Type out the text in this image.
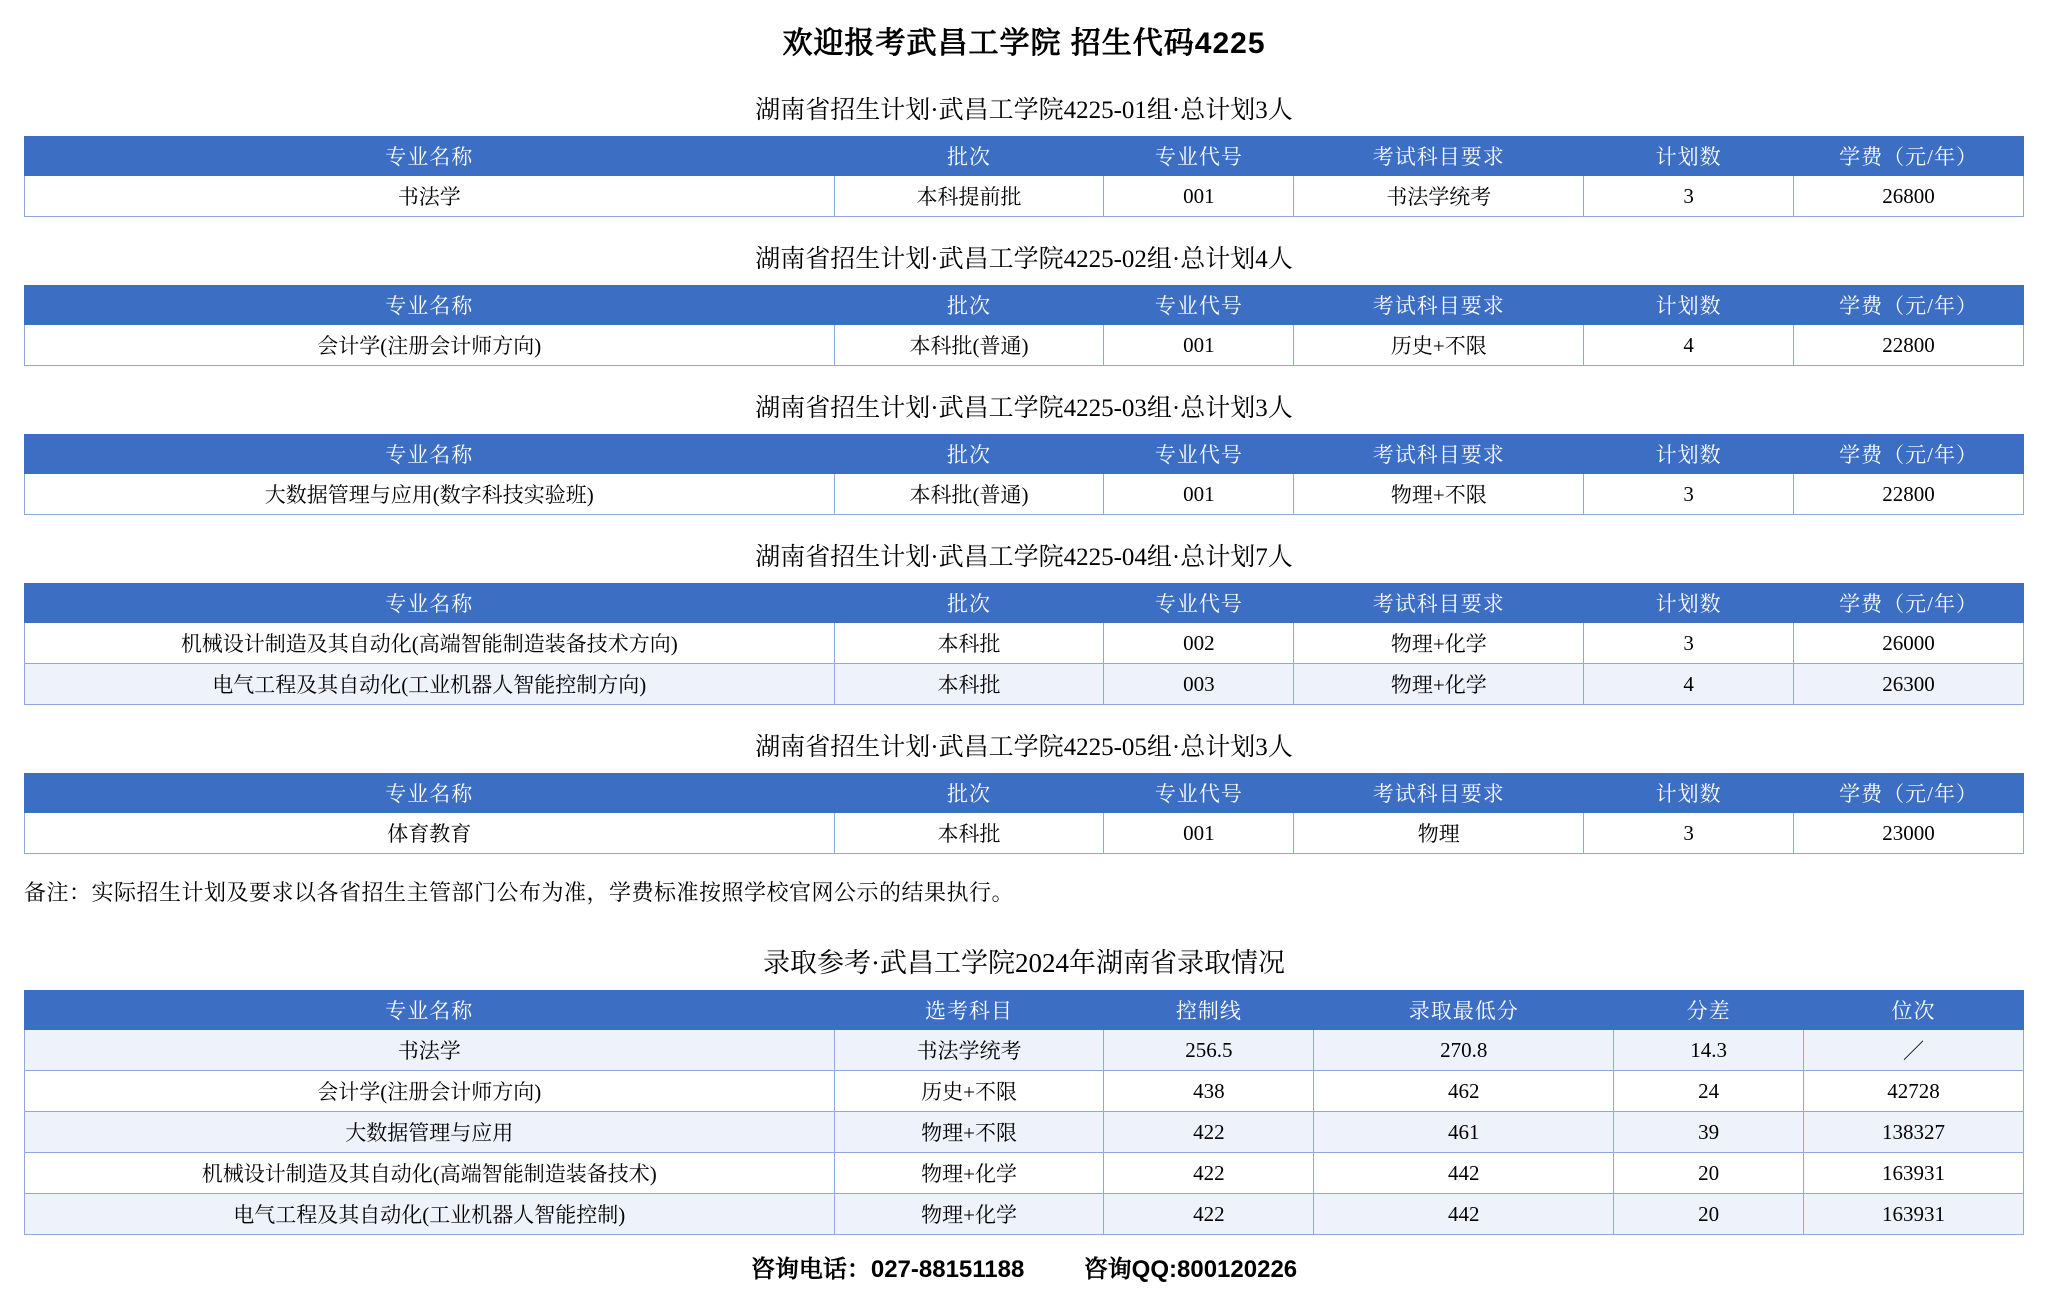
欢迎报考武昌工学院 招生代码4225
湖南省招生计划·武昌工学院4225-01组·总计划3人
专业名称	批次	专业代号	考试科目要求	计划数	学费（元/年）
书法学	本科提前批	001	书法学统考	3	26800
湖南省招生计划·武昌工学院4225-02组·总计划4人
专业名称	批次	专业代号	考试科目要求	计划数	学费（元/年）
会计学(注册会计师方向)	本科批(普通)	001	历史+不限	4	22800
湖南省招生计划·武昌工学院4225-03组·总计划3人
专业名称	批次	专业代号	考试科目要求	计划数	学费（元/年）
大数据管理与应用(数字科技实验班)	本科批(普通)	001	物理+不限	3	22800
湖南省招生计划·武昌工学院4225-04组·总计划7人
专业名称	批次	专业代号	考试科目要求	计划数	学费（元/年）
机械设计制造及其自动化(高端智能制造装备技术方向)	本科批	002	物理+化学	3	26000
电气工程及其自动化(工业机器人智能控制方向)	本科批	003	物理+化学	4	26300
湖南省招生计划·武昌工学院4225-05组·总计划3人
专业名称	批次	专业代号	考试科目要求	计划数	学费（元/年）
体育教育	本科批	001	物理	3	23000
备注：实际招生计划及要求以各省招生主管部门公布为准，学费标准按照学校官网公示的结果执行。
录取参考·武昌工学院2024年湖南省录取情况
专业名称	选考科目	控制线	录取最低分	分差	位次
书法学	书法学统考	256.5	270.8	14.3	／
会计学(注册会计师方向)	历史+不限	438	462	24	42728
大数据管理与应用	物理+不限	422	461	39	138327
机械设计制造及其自动化(高端智能制造装备技术)	物理+化学	422	442	20	163931
电气工程及其自动化(工业机器人智能控制)	物理+化学	422	442	20	163931
咨询电话：027-88151188 咨询QQ:800120226
